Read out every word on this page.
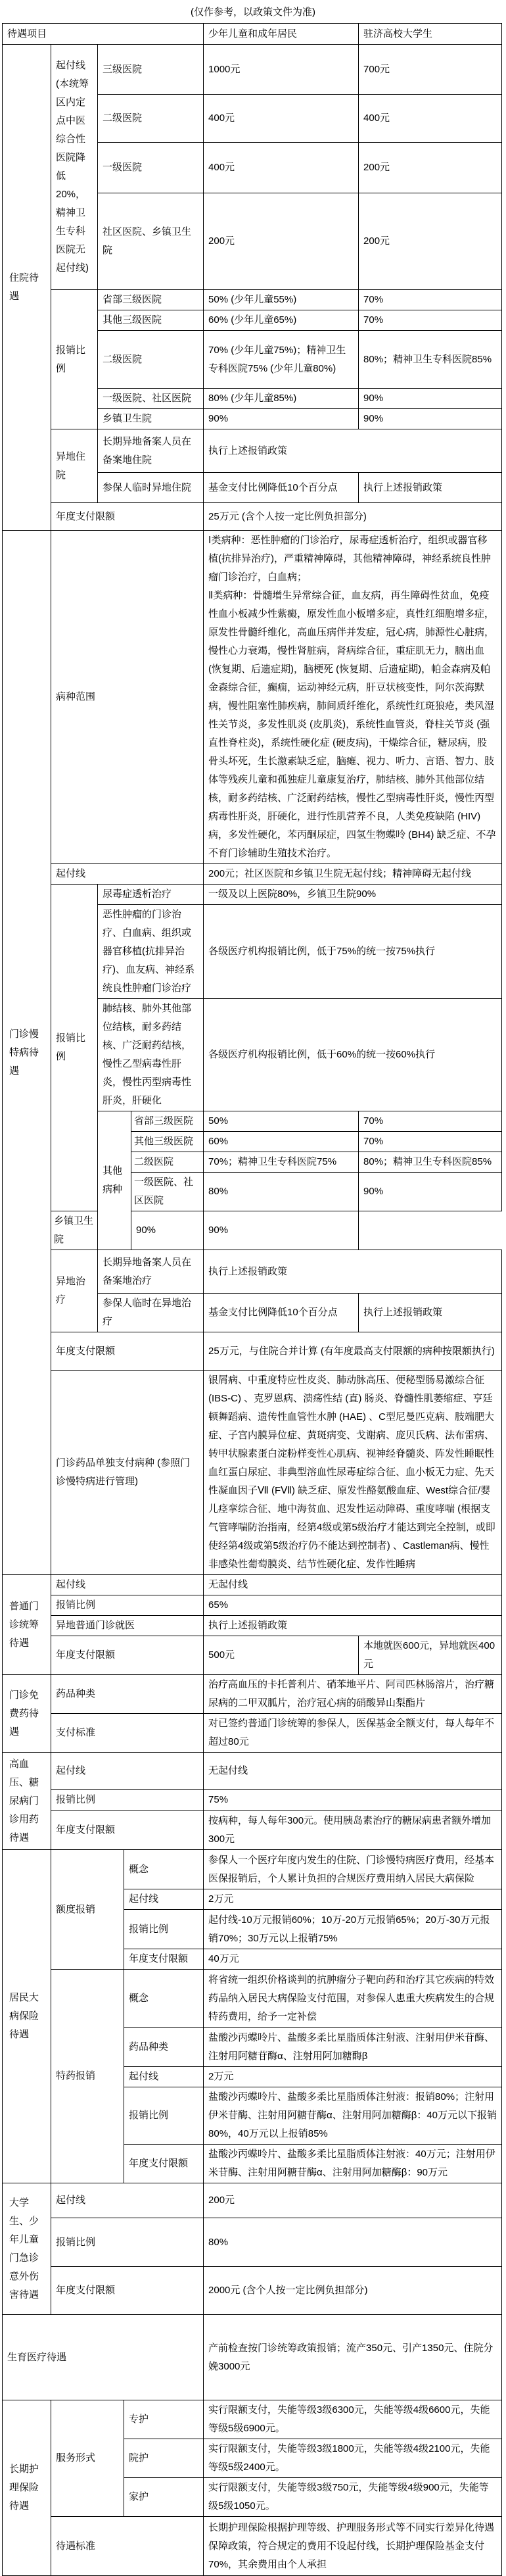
(仅作参考，以政策文件为准)
待遇项目					少年儿童和成年居民	驻济高校大学生
住院待遇	起付线 (本统筹区内定点中医综合性医院降低20%，精神卫生专科医院无起付线)	三级医院			1000元	700元
		二级医院			400元	400元
		一级医院			400元	200元
		社区医院、乡镇卫生院			200元	200元
	报销比例	省部三级医院			50% (少年儿童55%)	70%
		其他三级医院			60% (少年儿童65%)	70%
		二级医院			70% (少年儿童75%)；精神卫生专科医院75% (少年儿童80%)	80%；精神卫生专科医院85%
		一级医院、社区医院			80% (少年儿童85%)	90%
		乡镇卫生院			90%	90%
	异地住院	长期异地备案人员在备案地住院			执行上述报销政策	
		参保人临时异地住院			基金支付比例降低10个百分点	执行上述报销政策
	年度支付限额				25万元 (含个人按一定比例负担部分)	
门诊慢特病待遇	病种范围				Ⅰ类病种：恶性肿瘤的门诊治疗，尿毒症透析治疗，组织或器官移植(抗排异治疗)，严重精神障碍，其他精神障碍，神经系统良性肿瘤门诊治疗，白血病；
Ⅱ类病种：骨髓增生异常综合征，血友病，再生障碍性贫血，免疫性血小板减少性紫癜，原发性血小板增多症，真性红细胞增多症，原发性骨髓纤维化，高血压病伴并发症，冠心病，肺源性心脏病，慢性心力衰竭，慢性肾脏病，肾病综合征，重症肌无力，脑出血 (恢复期、后遗症期)，脑梗死 (恢复期、后遗症期)，帕金森病及帕金森综合征，癫痫，运动神经元病，肝豆状核变性，阿尔茨海默病，慢性阻塞性肺疾病，肺间质纤维化，系统性红斑狼疮，类风湿性关节炎，多发性肌炎 (皮肌炎)，系统性血管炎，脊柱关节炎 (强直性脊柱炎)，系统性硬化症 (硬皮病)，干燥综合征，糖尿病，股骨头坏死，生长激素缺乏症，脑瘫、视力、听力、言语、智力、肢体等残疾儿童和孤独症儿童康复治疗，肺结核、肺外其他部位结核，耐多药结核、广泛耐药结核，慢性乙型病毒性肝炎，慢性丙型病毒性肝炎，肝硬化，进行性肌营养不良，人类免疫缺陷 (HIV) 病，多发性硬化，苯丙酮尿症，四氢生物蝶呤 (BH4) 缺乏症、不孕不育门诊辅助生殖技术治疗。	

	起付线				200元；社区医院和乡镇卫生院无起付线；精神障碍无起付线	
	报销比例	尿毒症透析治疗			一级及以上医院80%，乡镇卫生院90%	
		恶性肿瘤的门诊治疗、白血病、组织或器官移植(抗排异治疗)、血友病、神经系统良性肿瘤门诊治疗			各级医疗机构报销比例，低于75%的统一按75%执行	
		肺结核、肺外其他部位结核，耐多药结核、广泛耐药结核，慢性乙型病毒性肝炎，慢性丙型病毒性肝炎，肝硬化			各级医疗机构报销比例，低于60%的统一按60%执行	
		其他病种		省部三级医院	50%	70%
				其他三级医院	60%	70%
				二级医院	70%；精神卫生专科医院75%	80%；精神卫生专科医院85%
				一级医院、社区医院	80%	90%
	乡镇卫生院			90%	90%	
	异地治疗	长期异地备案人员在备案地治疗			执行上述报销政策	
		参保人临时在异地治疗			基金支付比例降低10个百分点	执行上述报销政策
	年度支付限额				25万元，与住院合并计算 (有年度最高支付限额的病种按限额执行)	
	门诊药品单独支付病种 (参照门诊慢特病进行管理)				银屑病、中重度特应性皮炎、肺动脉高压、便秘型肠易激综合征 (IBS-C) 、克罗恩病、溃疡性结 (直) 肠炎、脊髓性肌萎缩症、亨廷顿舞蹈病、遗传性血管性水肿 (HAE) 、C型尼曼匹克病、肢端肥大症、子宫内膜异位症、黄斑病变、戈谢病、庞贝氏病、法布雷病、转甲状腺素蛋白淀粉样变性心肌病、视神经脊髓炎、阵发性睡眠性血红蛋白尿症、非典型溶血性尿毒症综合征、血小板无力症、先天性凝血因子Ⅶ (FⅦ) 缺乏症、原发性酪氨酸血症、West综合征/婴儿痉挛综合征、地中海贫血、迟发性运动障碍、重度哮喘 (根据支气管哮喘防治指南，经第4级或第5级治疗才能达到完全控制，或即使经第4级或第5级治疗仍不能达到控制者) 、Castleman病、慢性非感染性葡萄膜炎、结节性硬化症、发作性睡病	
普通门诊统筹待遇	起付线				无起付线	
	报销比例				65%	
	异地普通门诊就医				执行上述报销政策	
	年度支付限额				500元	本地就医600元，异地就医400元
门诊免费药待遇	药品种类				治疗高血压的卡托普利片、硝苯地平片、阿司匹林肠溶片，治疗糖尿病的二甲双胍片，治疗冠心病的硝酸异山梨酯片	
	支付标准				对已签约普通门诊统筹的参保人，医保基金全额支付，每人每年不超过80元	
高血压、糖尿病门诊用药待遇	起付线				无起付线	
	报销比例				75%	
	年度支付限额				按病种，每人每年300元。使用胰岛素治疗的糖尿病患者额外增加300元	
居民大病保险待遇	额度报销		概念		参保人一个医疗年度内发生的住院、门诊慢特病医疗费用，经基本医保报销后，个人累计负担的合规医疗费用纳入居民大病保险	
			起付线		2万元	
			报销比例		起付线-10万元报销60%；10万-20万元报销65%；20万-30万元报销70%；30万元以上报销75%	
			年度支付限额		40万元	
	特药报销		概念		将省统一组织价格谈判的抗肿瘤分子靶向药和治疗其它疾病的特效药品纳入居民大病保险支付范围，对参保人患重大疾病发生的合规特药费用，给予一定补偿	
			药品种类		盐酸沙丙蝶呤片、盐酸多柔比星脂质体注射液、注射用伊米苷酶、注射用阿糖苷酶α、注射用阿加糖酶β	
			起付线		2万元	
			报销比例		盐酸沙丙蝶呤片、盐酸多柔比星脂质体注射液：报销80%；注射用伊米苷酶、注射用阿糖苷酶α、注射用阿加糖酶β：40万元以下报销80%，40万元以上报销85%	
			年度支付限额		盐酸沙丙蝶呤片、盐酸多柔比星脂质体注射液：40万元；注射用伊米苷酶、注射用阿糖苷酶α、注射用阿加糖酶β：90万元	
大学生、少年儿童门急诊意外伤害待遇	起付线				200元	
	报销比例				80%	
	年度支付限额				2000元 (含个人按一定比例负担部分)	
生育医疗待遇					产前检查按门诊统筹政策报销；流产350元、引产1350元、住院分娩3000元	
长期护理保险待遇	服务形式		专护		实行限额支付，失能等级3级6300元，失能等级4级6600元，失能等级5级6900元。	
			院护		实行限额支付，失能等级3级1800元，失能等级4级2100元，失能等级5级2400元。	
			家护		实行限额支付，失能等级3级750元，失能等级4级900元，失能等级5级1050元。	
	待遇标准				长期护理保险根据护理等级、护理服务形式等不同实行差异化待遇保障政策，符合规定的费用不设起付线，长期护理保险基金支付70%，其余费用由个人承担	
